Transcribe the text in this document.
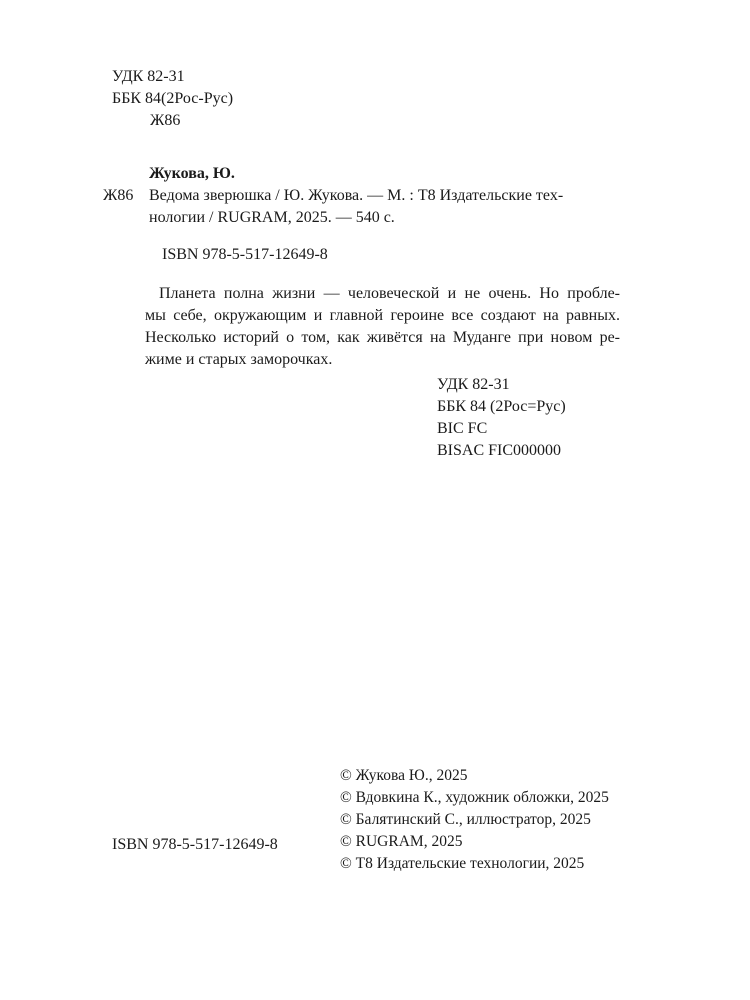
УДК 82-31
ББК 84(2Рос-Рус)
Ж86
Жукова, Ю.
Ж86 Ведома зверюшка / Ю. Жукова. — М. : Т8 Издательские тех-
нологии / RUGRAM, 2025. — 540 с.
ISBN 978-5-517-12649-8
Планета полна жизни — человеческой и не очень. Но пробле-
мы себе, окружающим и главной героине все создают на равных.
Несколько историй о том, как живётся на Муданге при новом ре-
жиме и старых заморочках.
УДК 82-31
ББК 84 (2Рос=Рус)
BIC FC
BISAC FIC000000
© Жукова Ю., 2025
© Вдовкина К., художник обложки, 2025
© Балятинский С., иллюстратор, 2025
© RUGRAM, 2025
© Т8 Издательские технологии, 2025
ISBN 978-5-517-12649-8
